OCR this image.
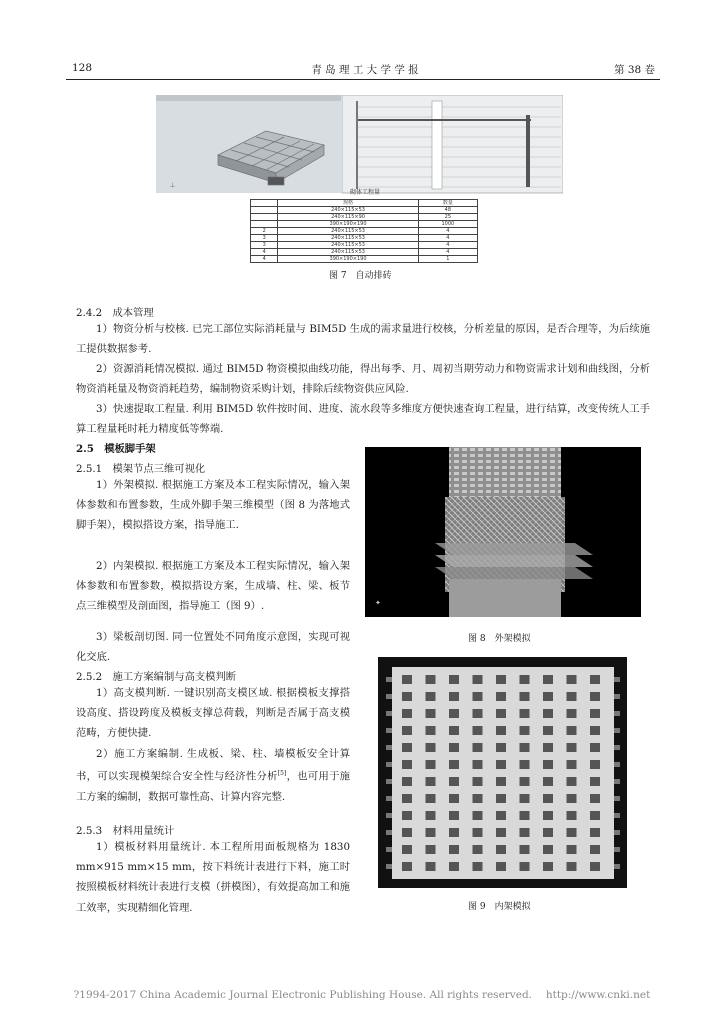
128	青 岛 理 工 大 学 学 报	第 38 卷
⊥
砌体工程量
	规格	数量
	240×115×53	48
	240×115×90	25
	390×190×190	1000
2	240×115×53	4
3	240×115×53	4
3	240×115×53	4
4	240×115×53	4
4	390×190×190	1
图 7　自动排砖
2.4.2　成本管理

1）物资分析与校核. 已完工部位实际消耗量与 BIM5D 生成的需求量进行校核，分析差量的原因，是否合理等，为后续施工提供数据参考.

2）资源消耗情况模拟. 通过 BIM5D 物资模拟曲线功能，得出每季、月、周初当期劳动力和物资需求计划和曲线图，分析物资消耗量及物资消耗趋势，编制物资采购计划，排除后续物资供应风险.

3）快速提取工程量. 利用 BIM5D 软件按时间、进度、流水段等多维度方便快速查询工程量，进行结算，改变传统人工手算工程量耗时耗力精度低等弊端.

2.5　模板脚手架
2.5.1　模架节点三维可视化

1）外架模拟. 根据施工方案及本工程实际情况，输入架体参数和布置参数，生成外脚手架三维模型（图 8 为落地式脚手架），模拟搭设方案，指导施工.

2）内架模拟. 根据施工方案及本工程实际情况，输入架体参数和布置参数，模拟搭设方案，生成墙、柱、梁、板节点三维模型及剖面图，指导施工（图 9）.

3）梁板剖切图. 同一位置处不同角度示意图，实现可视化交底.

2.5.2　施工方案编制与高支模判断

1）高支模判断. 一键识别高支模区域. 根据模板支撑搭设高度、搭设跨度及模板支撑总荷载，判断是否属于高支模范畴，方便快捷.

2）施工方案编制. 生成板、梁、柱、墙模板安全计算书，可以实现模架综合安全性与经济性分析[5]，也可用于施工方案的编制，数据可靠性高、计算内容完整.

2.5.3　材料用量统计

1）模板材料用量统计. 本工程所用面板规格为 1830 mm×915 mm×15 mm，按下料统计表进行下料，施工时按照模板材料统计表进行支模（拼模图），有效提高加工和施工效率，实现精细化管理.

✦
图 8　外架模拟
图 9　内架模拟
?1994-2017 China Academic Journal Electronic Publishing House. All rights reserved.　 http://www.cnki.net
